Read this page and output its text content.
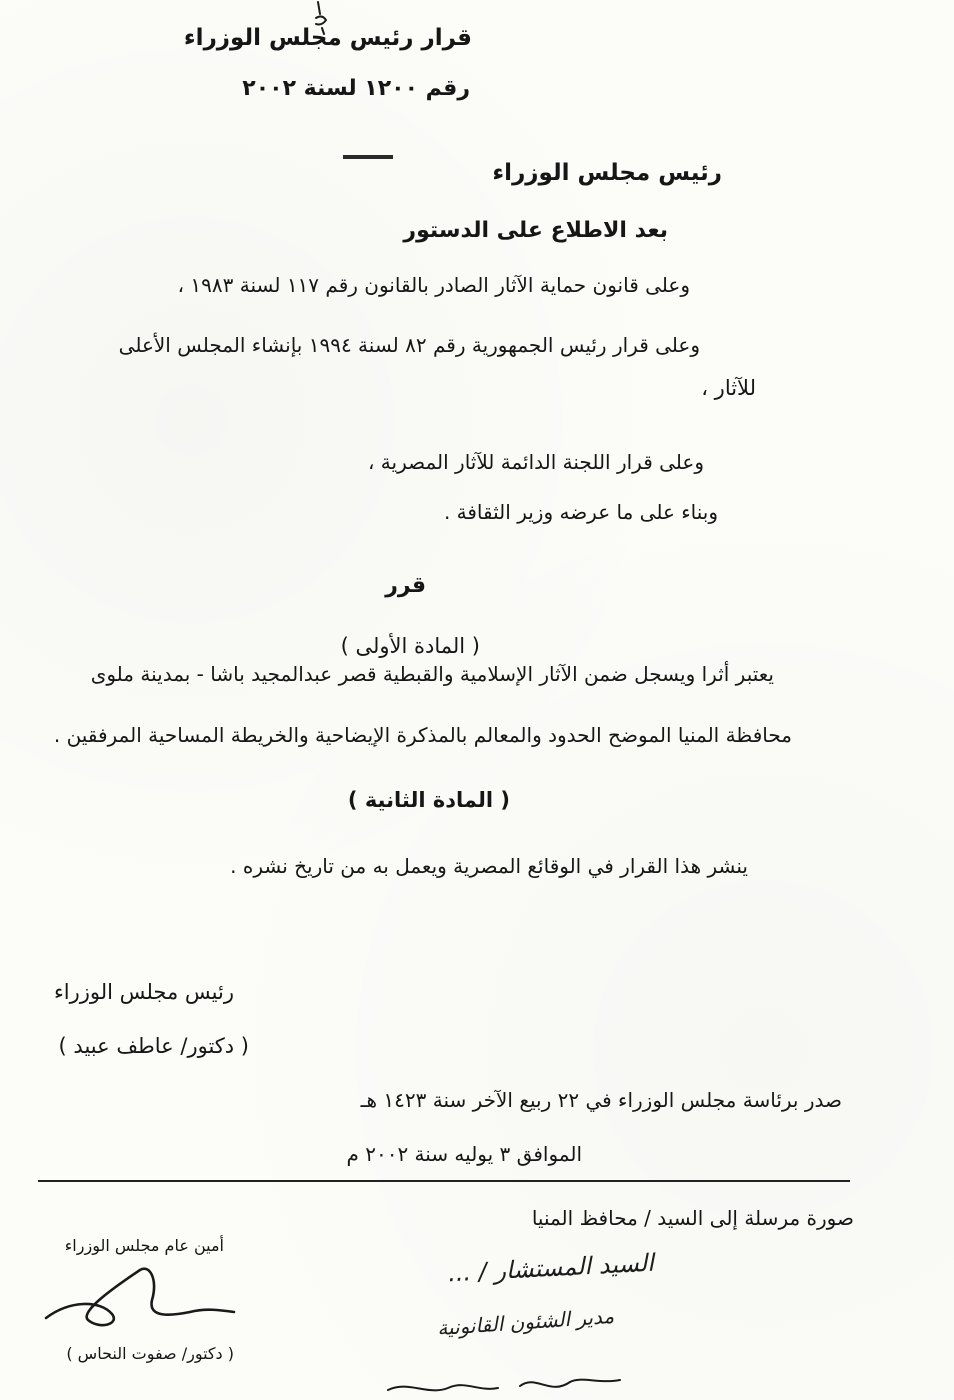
قرار رئيس مجلس الوزراء
رقم ١٢٠٠ لسنة ٢٠٠٢
رئيس مجلس الوزراء
بعد الاطلاع على الدستور
وعلى قانون حماية الآثار الصادر بالقانون رقم ١١٧ لسنة ١٩٨٣ ،
وعلى قرار رئيس الجمهورية رقم ٨٢ لسنة ١٩٩٤ بإنشاء المجلس الأعلى
للآثار ،
وعلى قرار اللجنة الدائمة للآثار المصرية ،
وبناء على ما عرضه وزير الثقافة .
قرر
( المادة الأولى )
يعتبر أثرا ويسجل ضمن الآثار الإسلامية والقبطية قصر عبدالمجيد باشا - بمدينة ملوى
محافظة المنيا الموضح الحدود والمعالم بالمذكرة الإيضاحية والخريطة المساحية المرفقين .
( المادة الثانية )
ينشر هذا القرار في الوقائع المصرية ويعمل به من تاريخ نشره .
رئيس مجلس الوزراء
( دكتور/ عاطف عبيد )
صدر برئاسة مجلس الوزراء في ٢٢ ربيع الآخر سنة ١٤٢٣ هـ
الموافق ٣ يوليه سنة ٢٠٠٢ م
صورة مرسلة إلى السيد / محافظ المنيا
أمين عام مجلس الوزراء
( دكتور/ صفوت النحاس )
السيد المستشار / ...
مدير الشئون القانونية
